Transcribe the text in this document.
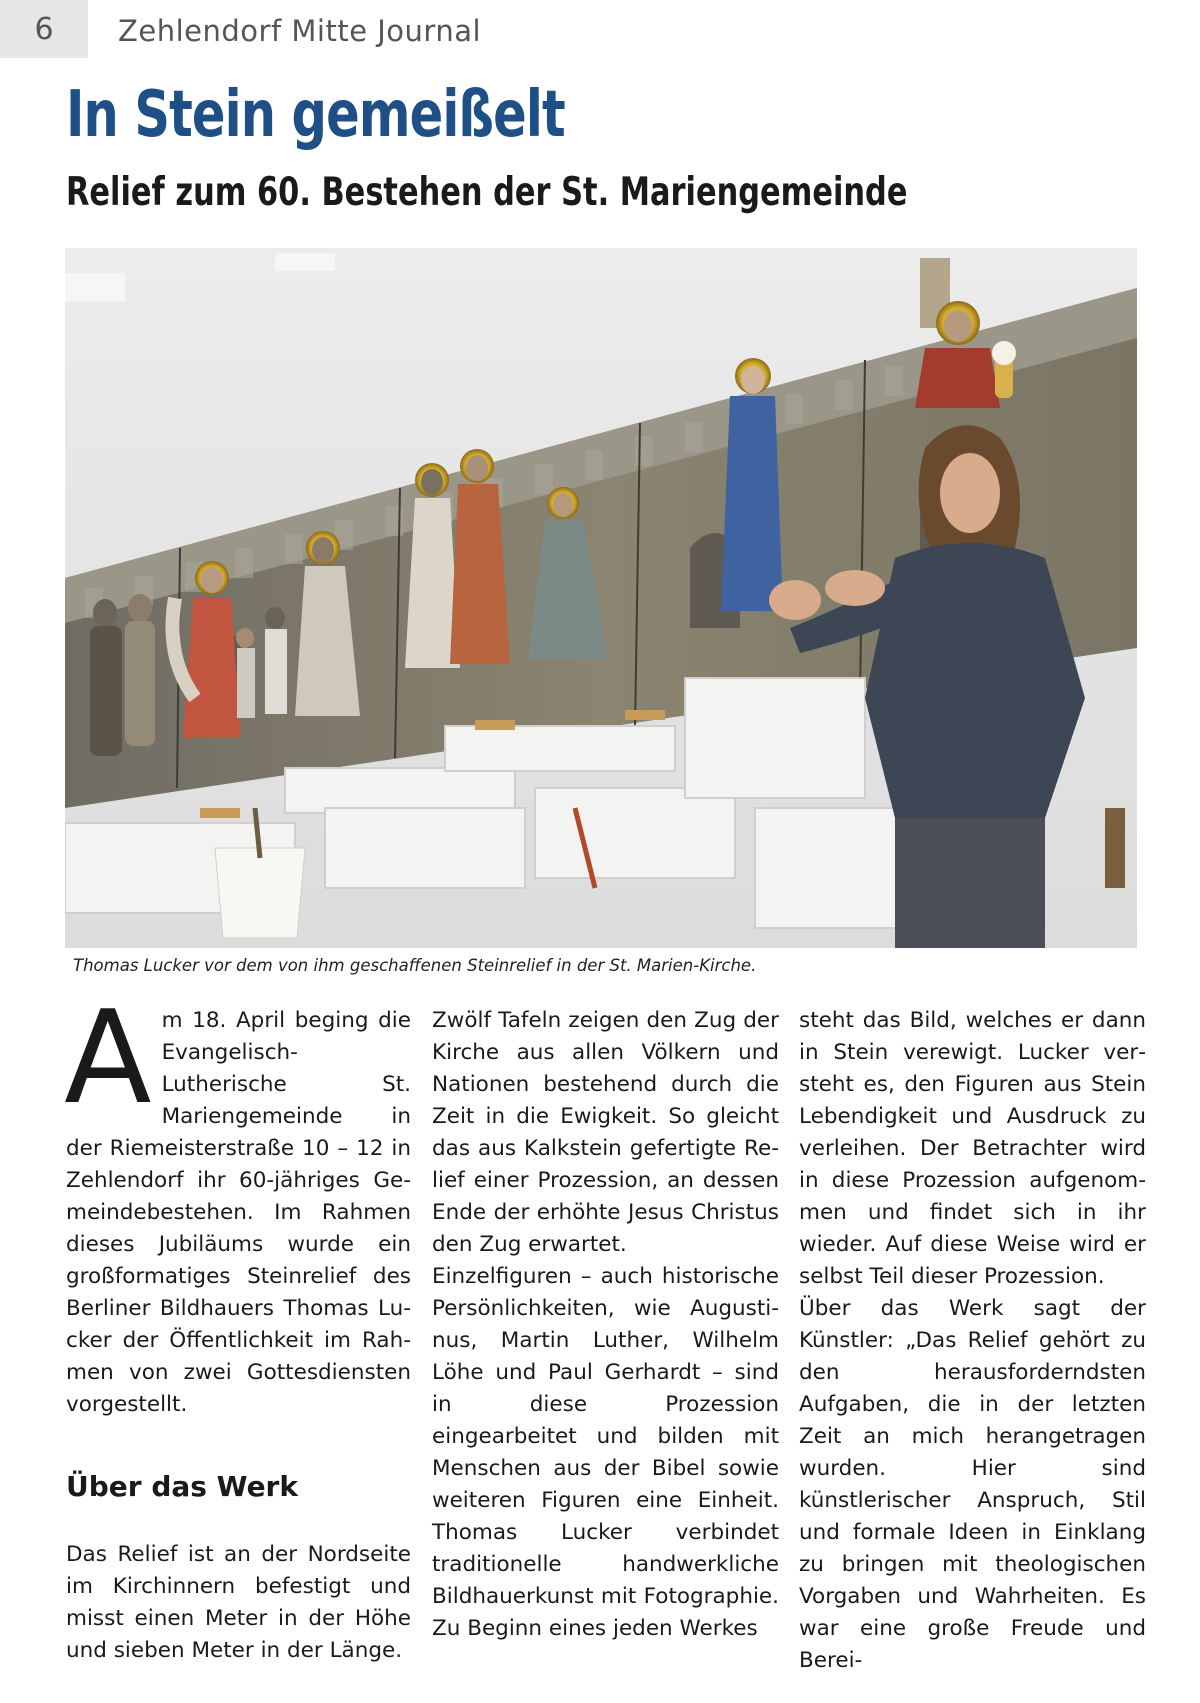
6 Zehlendorf Mitte Journal
In Stein gemeißelt
Relief zum 60. Bestehen der St. Mariengemeinde
Thomas Lucker vor dem von ihm geschaffenen Steinrelief in der St. Marien-Kirche.

Am 18. April beging die Evangelisch-Lutherische St. Mariengemeinde in der Riemeisterstraße 10 – 12 in Zehlendorf ihr 60-jähriges Gemeindebestehen. Im Rahmen dieses Jubiläums wurde ein großformatiges Steinrelief des Berliner Bildhauers Thomas Lucker der Öffentlichkeit im Rahmen von zwei Gottesdiensten vorgestellt.

Über das Werk

Das Relief ist an der Nordseite im Kirchinnern befestigt und misst einen Meter in der Höhe und sieben Meter in der Länge.

Zwölf Tafeln zeigen den Zug der Kirche aus allen Völkern und Nationen bestehend durch die Zeit in die Ewigkeit. So gleicht das aus Kalkstein gefertigte Relief einer Prozession, an dessen Ende der erhöhte Jesus Christus den Zug erwartet.

Einzelfiguren – auch historische Persönlichkeiten, wie Augustinus, Martin Luther, Wilhelm Löhe und Paul Gerhardt – sind in diese Prozession eingearbeitet und bilden mit Menschen aus der Bibel sowie weiteren Figuren eine Einheit. Thomas Lucker verbindet traditionelle handwerkliche Bildhauerkunst mit Fotographie. Zu Beginn eines jeden Werkes

steht das Bild, welches er dann in Stein verewigt. Lucker versteht es, den Figuren aus Stein Lebendigkeit und Ausdruck zu verleihen. Der Betrachter wird in diese Prozession aufgenommen und findet sich in ihr wieder. Auf diese Weise wird er selbst Teil dieser Prozession.

Über das Werk sagt der Künstler: „Das Relief gehört zu den herausforderndsten Aufgaben, die in der letzten Zeit an mich herangetragen wurden. Hier sind künstlerischer Anspruch, Stil und formale Ideen in Einklang zu bringen mit theologischen Vorgaben und Wahrheiten. Es war eine große Freude und Berei-
